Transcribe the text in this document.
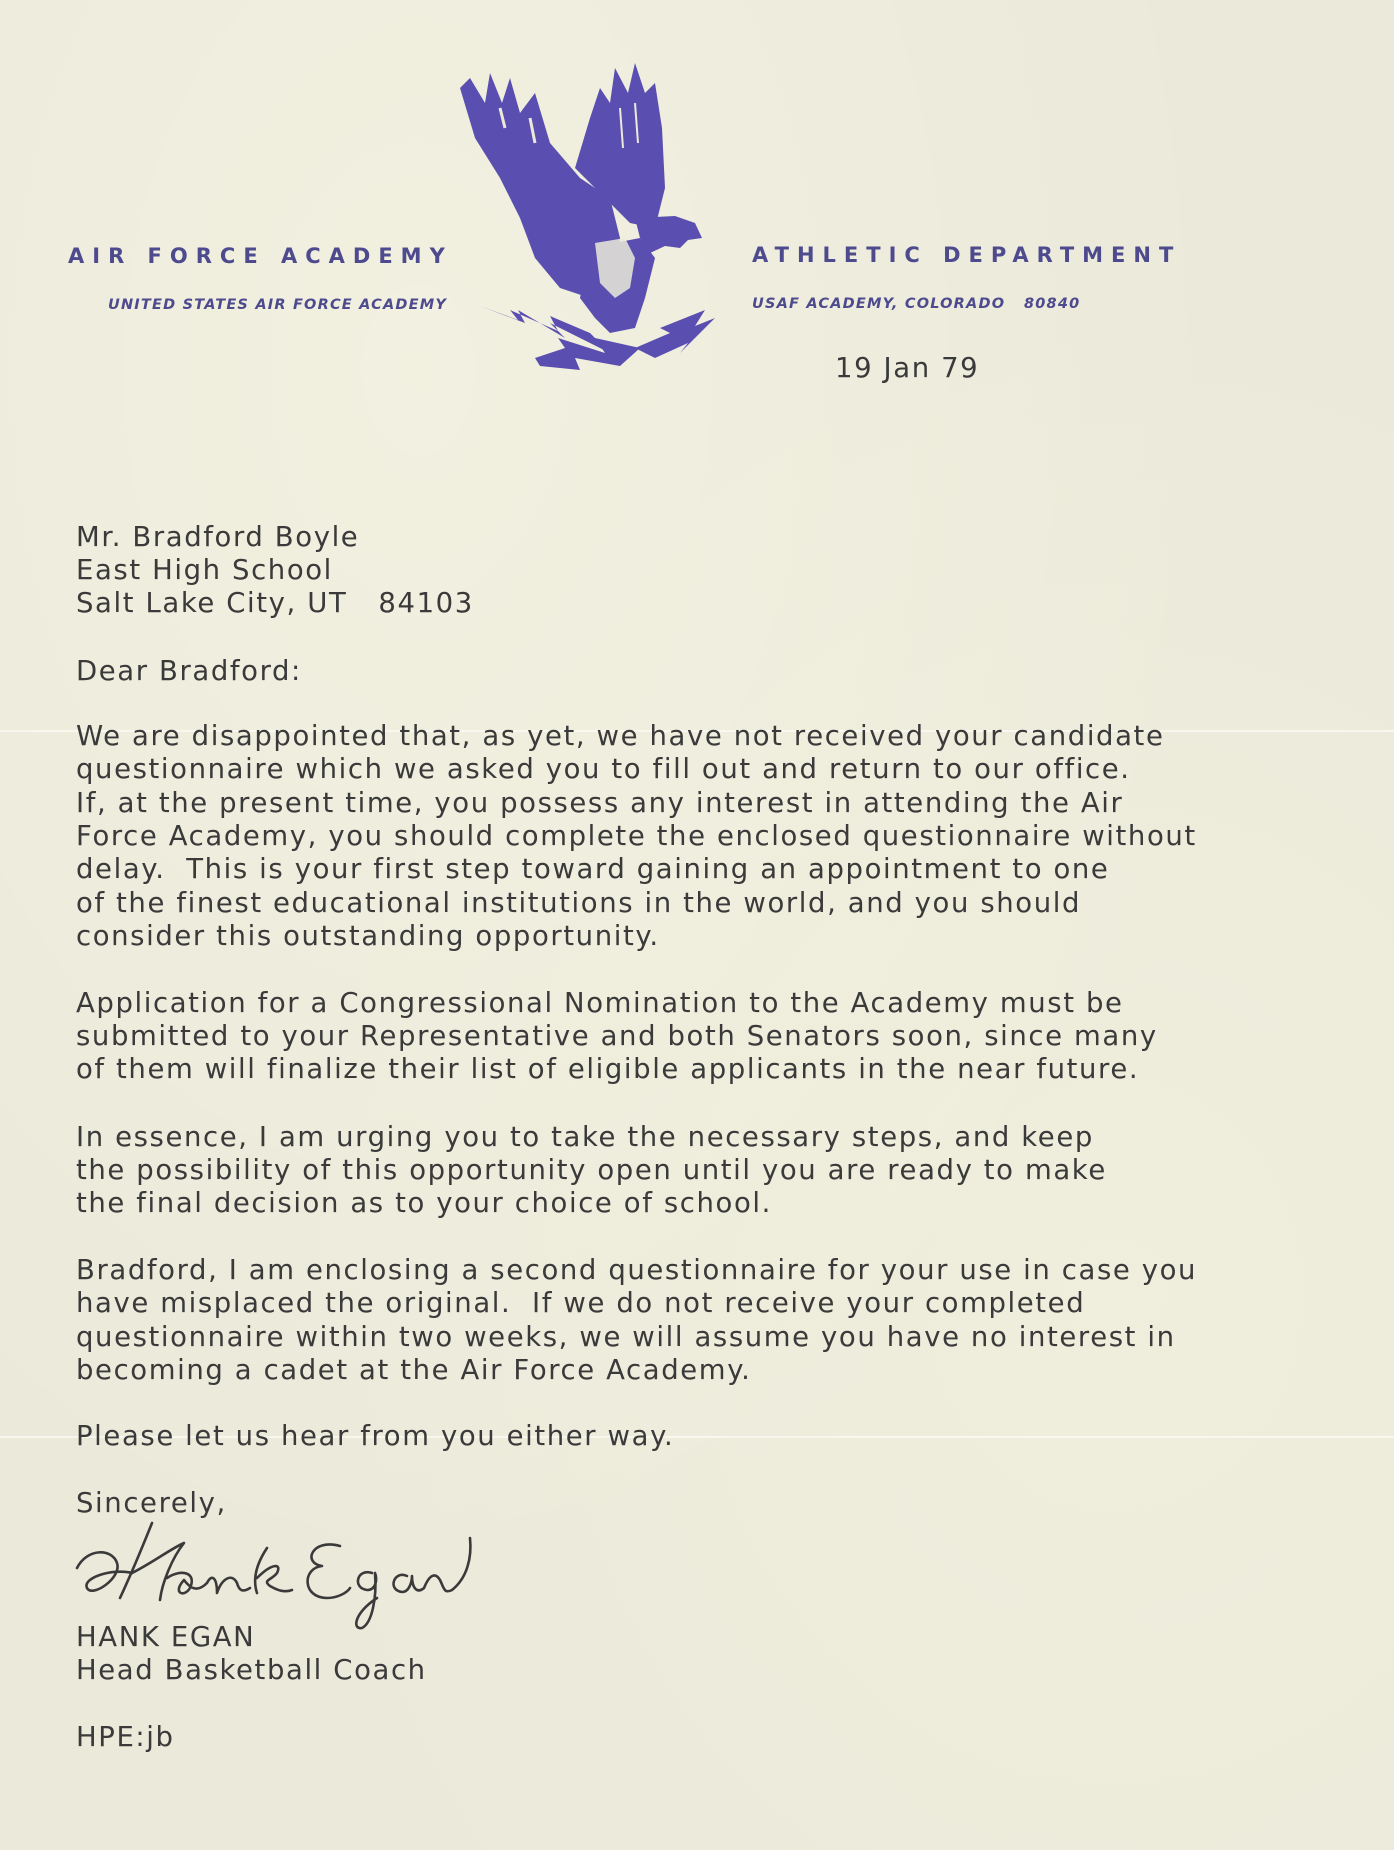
AIR FORCE ACADEMY
UNITED STATES AIR FORCE ACADEMY
ATHLETIC DEPARTMENT
USAF ACADEMY, COLORADO   80840
19 Jan 79
Mr. Bradford Boyle
East High School
Salt Lake City, UT   84103
Dear Bradford:
We are disappointed that, as yet, we have not received your candidate
questionnaire which we asked you to fill out and return to our office.
If, at the present time, you possess any interest in attending the Air
Force Academy, you should complete the enclosed questionnaire without
delay.  This is your first step toward gaining an appointment to one
of the finest educational institutions in the world, and you should
consider this outstanding opportunity.
Application for a Congressional Nomination to the Academy must be
submitted to your Representative and both Senators soon, since many
of them will finalize their list of eligible applicants in the near future.
In essence, I am urging you to take the necessary steps, and keep
the possibility of this opportunity open until you are ready to make
the final decision as to your choice of school.
Bradford, I am enclosing a second questionnaire for your use in case you
have misplaced the original.  If we do not receive your completed
questionnaire within two weeks, we will assume you have no interest in
becoming a cadet at the Air Force Academy.
Please let us hear from you either way.
Sincerely,
HANK EGAN
Head Basketball Coach
HPE:jb
